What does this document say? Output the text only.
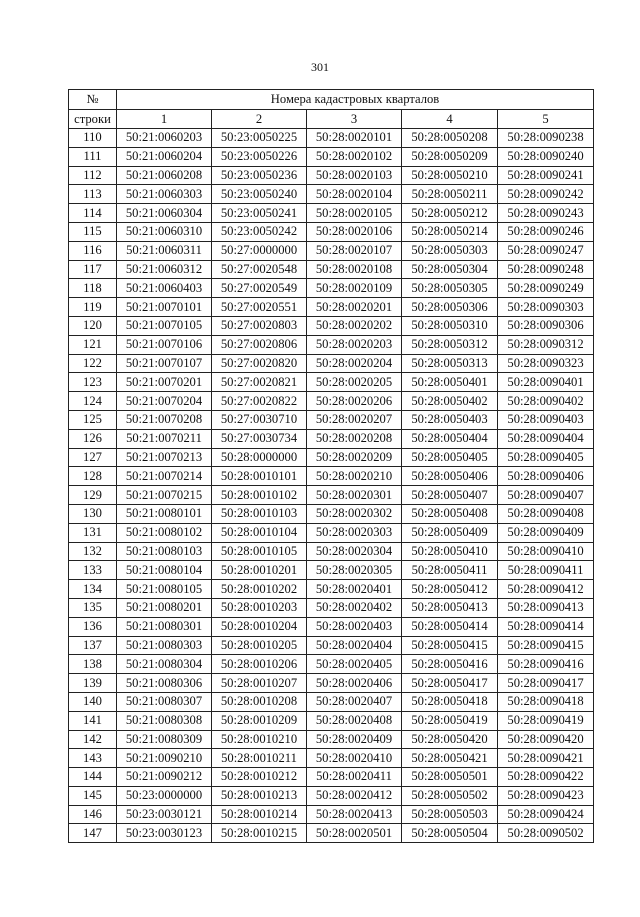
301
№	Номера кадастровых кварталов				
строки	1	2	3	4	5
110	50:21:0060203	50:23:0050225	50:28:0020101	50:28:0050208	50:28:0090238
111	50:21:0060204	50:23:0050226	50:28:0020102	50:28:0050209	50:28:0090240
112	50:21:0060208	50:23:0050236	50:28:0020103	50:28:0050210	50:28:0090241
113	50:21:0060303	50:23:0050240	50:28:0020104	50:28:0050211	50:28:0090242
114	50:21:0060304	50:23:0050241	50:28:0020105	50:28:0050212	50:28:0090243
115	50:21:0060310	50:23:0050242	50:28:0020106	50:28:0050214	50:28:0090246
116	50:21:0060311	50:27:0000000	50:28:0020107	50:28:0050303	50:28:0090247
117	50:21:0060312	50:27:0020548	50:28:0020108	50:28:0050304	50:28:0090248
118	50:21:0060403	50:27:0020549	50:28:0020109	50:28:0050305	50:28:0090249
119	50:21:0070101	50:27:0020551	50:28:0020201	50:28:0050306	50:28:0090303
120	50:21:0070105	50:27:0020803	50:28:0020202	50:28:0050310	50:28:0090306
121	50:21:0070106	50:27:0020806	50:28:0020203	50:28:0050312	50:28:0090312
122	50:21:0070107	50:27:0020820	50:28:0020204	50:28:0050313	50:28:0090323
123	50:21:0070201	50:27:0020821	50:28:0020205	50:28:0050401	50:28:0090401
124	50:21:0070204	50:27:0020822	50:28:0020206	50:28:0050402	50:28:0090402
125	50:21:0070208	50:27:0030710	50:28:0020207	50:28:0050403	50:28:0090403
126	50:21:0070211	50:27:0030734	50:28:0020208	50:28:0050404	50:28:0090404
127	50:21:0070213	50:28:0000000	50:28:0020209	50:28:0050405	50:28:0090405
128	50:21:0070214	50:28:0010101	50:28:0020210	50:28:0050406	50:28:0090406
129	50:21:0070215	50:28:0010102	50:28:0020301	50:28:0050407	50:28:0090407
130	50:21:0080101	50:28:0010103	50:28:0020302	50:28:0050408	50:28:0090408
131	50:21:0080102	50:28:0010104	50:28:0020303	50:28:0050409	50:28:0090409
132	50:21:0080103	50:28:0010105	50:28:0020304	50:28:0050410	50:28:0090410
133	50:21:0080104	50:28:0010201	50:28:0020305	50:28:0050411	50:28:0090411
134	50:21:0080105	50:28:0010202	50:28:0020401	50:28:0050412	50:28:0090412
135	50:21:0080201	50:28:0010203	50:28:0020402	50:28:0050413	50:28:0090413
136	50:21:0080301	50:28:0010204	50:28:0020403	50:28:0050414	50:28:0090414
137	50:21:0080303	50:28:0010205	50:28:0020404	50:28:0050415	50:28:0090415
138	50:21:0080304	50:28:0010206	50:28:0020405	50:28:0050416	50:28:0090416
139	50:21:0080306	50:28:0010207	50:28:0020406	50:28:0050417	50:28:0090417
140	50:21:0080307	50:28:0010208	50:28:0020407	50:28:0050418	50:28:0090418
141	50:21:0080308	50:28:0010209	50:28:0020408	50:28:0050419	50:28:0090419
142	50:21:0080309	50:28:0010210	50:28:0020409	50:28:0050420	50:28:0090420
143	50:21:0090210	50:28:0010211	50:28:0020410	50:28:0050421	50:28:0090421
144	50:21:0090212	50:28:0010212	50:28:0020411	50:28:0050501	50:28:0090422
145	50:23:0000000	50:28:0010213	50:28:0020412	50:28:0050502	50:28:0090423
146	50:23:0030121	50:28:0010214	50:28:0020413	50:28:0050503	50:28:0090424
147	50:23:0030123	50:28:0010215	50:28:0020501	50:28:0050504	50:28:0090502
